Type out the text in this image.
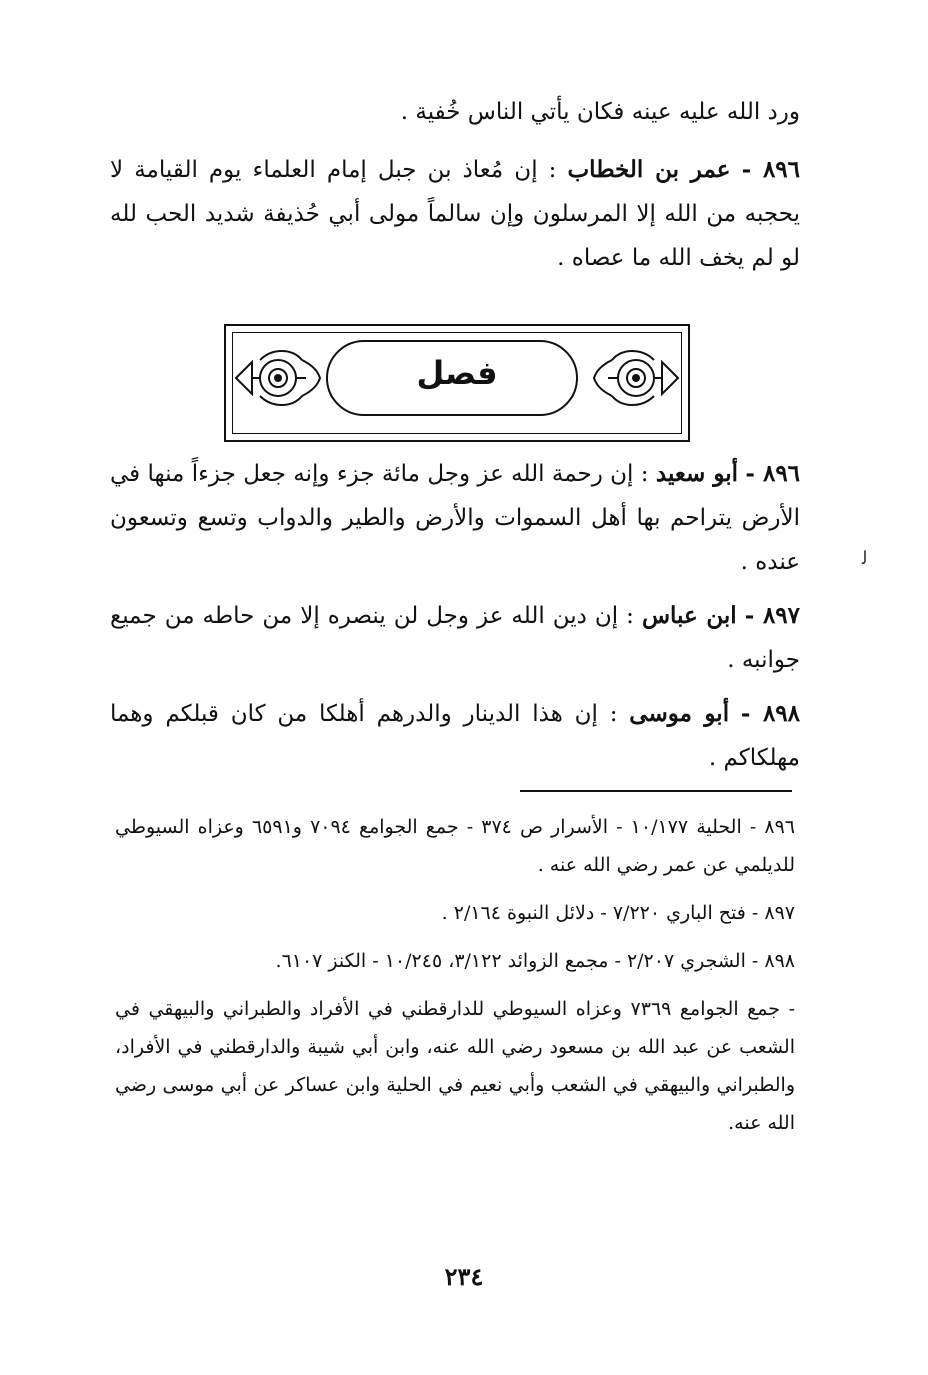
ورد الله عليه عينه فكان يأتي الناس خُفية .

٨٩٦ - عمر بن الخطاب : إن مُعاذ بن جبل إمام العلماء يوم القيامة لا يحجبه من الله إلا المرسلون وإن سالماً مولى أبي حُذيفة شديد الحب لله لو لم يخف الله ما عصاه .

فصل

٨٩٦ - أبو سعيد : إن رحمة الله عز وجل مائة جزء وإنه جعل جزءاً منها في الأرض يتراحم بها أهل السموات والأرض والطير والدواب وتسع وتسعون عنده .

٨٩٧ - ابن عباس : إن دين الله عز وجل لن ينصره إلا من حاطه من جميع جوانبه .

٨٩٨ - أبو موسى : إن هذا الدينار والدرهم أهلكا من كان قبلكم وهما مهلكاكم .

ﻟ

٨٩٦ - الحلية ١٠/١٧٧ - الأسرار ص ٣٧٤ - جمع الجوامع ٧٠٩٤ و٦٥٩١ وعزاه السيوطي للديلمي عن عمر رضي الله عنه .

٨٩٧ - فتح الباري ٧/٢٢٠ - دلائل النبوة ٢/١٦٤ .

٨٩٨ - الشجري ٢/٢٠٧ - مجمع الزوائد ٣/١٢٢، ١٠/٢٤٥ - الكنز ٦١٠٧.

- جمع الجوامع ٧٣٦٩ وعزاه السيوطي للدارقطني في الأفراد والطبراني والبيهقي في الشعب عن عبد الله بن مسعود رضي الله عنه، وابن أبي شيبة والدارقطني في الأفراد، والطبراني والبيهقي في الشعب وأبي نعيم في الحلية وابن عساكر عن أبي موسى رضي الله عنه.

٢٣٤
